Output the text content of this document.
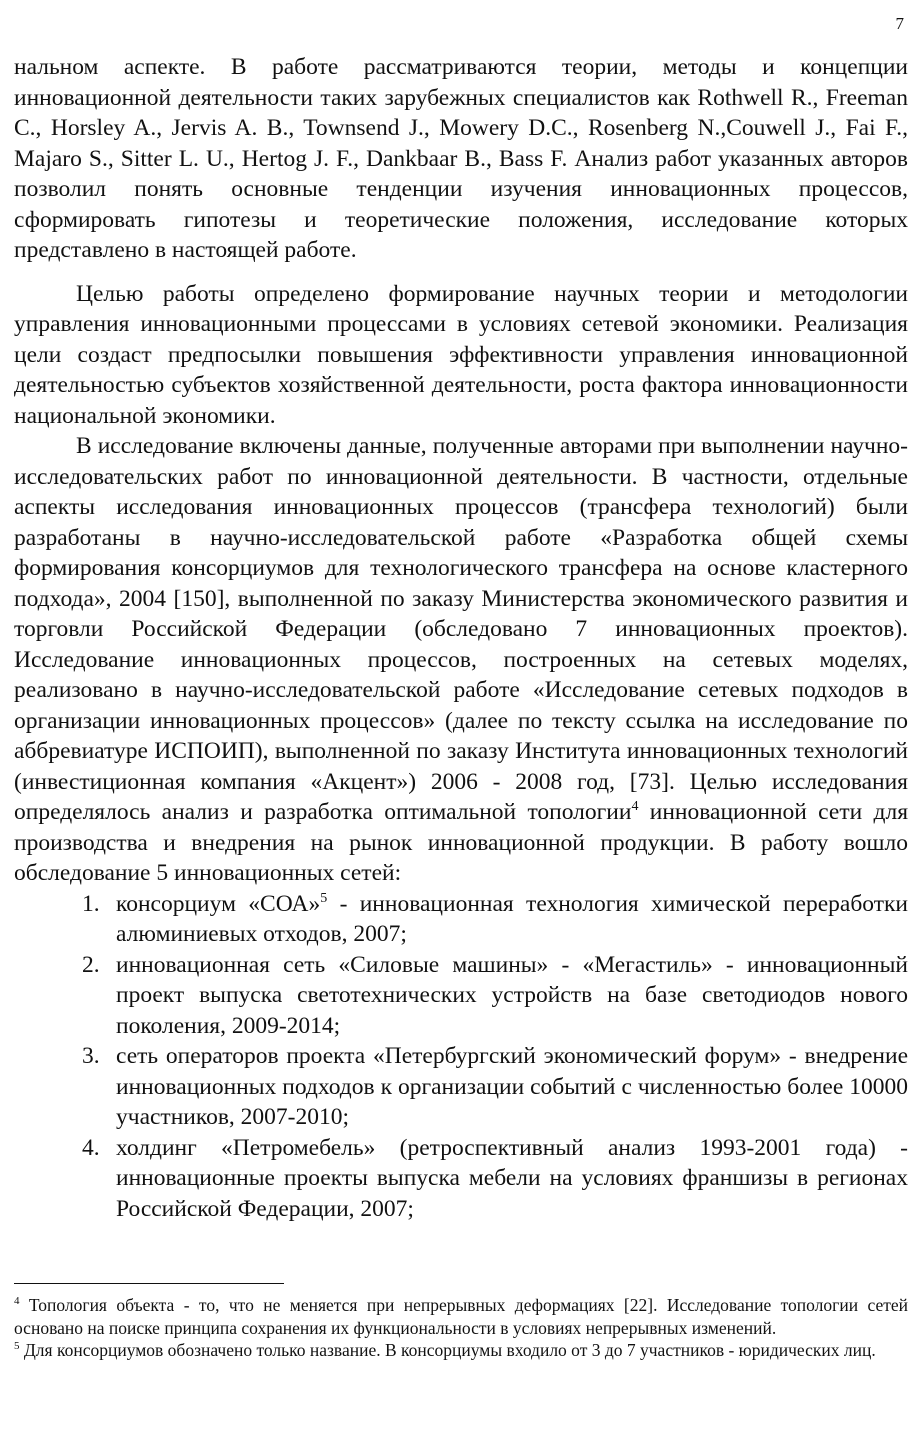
7

нальном аспекте. В работе рассматриваются теории, методы и концепции инновационной деятельности таких зарубежных специалистов как Rothwell R., Freeman C., Horsley A., Jervis A. B., Townsend J., Mowery D.C., Rosenberg N.,Couwell J., Fai F., Majaro S., Sitter L. U., Hertog J. F., Dankbaar B., Bass F. Анализ работ указанных авторов позволил понять основные тенденции изучения инновационных процессов, сформировать гипотезы и теоретические положения, исследование которых представлено в настоящей работе.

Целью работы определено формирование научных теории и методологии управления инновационными процессами в условиях сетевой экономики. Реализация цели создаст предпосылки повышения эффективности управления инновационной деятельностью субъектов хозяйственной деятельности, роста фактора инновационности национальной экономики.

В исследование включены данные, полученные авторами при выполнении научно-исследовательских работ по инновационной деятельности. В частности, отдельные аспекты исследования инновационных процессов (трансфера технологий) были разработаны в научно-исследовательской работе «Разработка общей схемы формирования консорциумов для технологического трансфера на основе кластерного подхода», 2004 [150], выполненной по заказу Министерства экономического развития и торговли Российской Федерации (обследовано 7 инновационных проектов). Исследование инновационных процессов, построенных на сетевых моделях, реализовано в научно-исследовательской работе «Исследование сетевых подходов в организации инновационных процессов» (далее по тексту ссылка на исследование по аббревиатуре ИСПОИП), выполненной по заказу Института инновационных технологий (инвестиционная компания «Акцент») 2006 - 2008 год, [73]. Целью исследования определялось анализ и разработка оптимальной топологии$^4$ инновационной сети для производства и внедрения на рынок инновационной продукции. В работу вошло обследование 5 инновационных сетей:

1. консорциум «СОА»$^5$ - инновационная технология химической переработки алюминиевых отходов, 2007;
2. инновационная сеть «Силовые машины» - «Мегастиль» - инновационный проект выпуска светотехнических устройств на базе светодиодов нового поколения, 2009-2014;
3. сеть операторов проекта «Петербургский экономический форум» - внедрение инновационных подходов к организации событий с численностью более 10000 участников, 2007-2010;
4. холдинг «Петромебель» (ретроспективный анализ 1993-2001 года) - инновационные проекты выпуска мебели на условиях франшизы в регионах Российской Федерации, 2007;

$^4$ Топология объекта - то, что не меняется при непрерывных деформациях [22]. Исследование топологии сетей основано на поиске принципа сохранения их функциональности в условиях непрерывных изменений.

$^5$ Для консорциумов обозначено только название. В консорциумы входило от 3 до 7 участников - юридических лиц.
